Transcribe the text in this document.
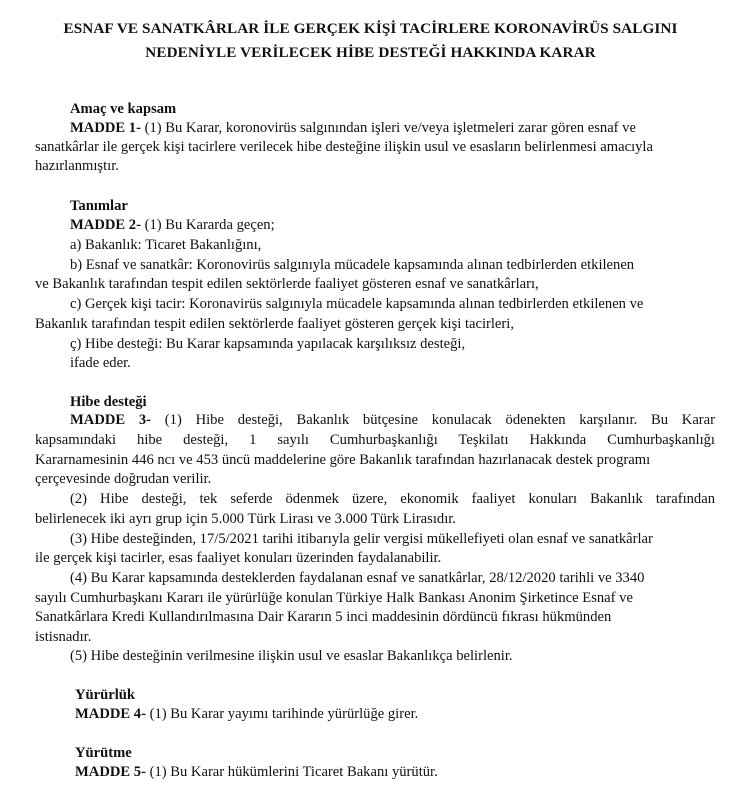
ESNAF VE SANATKÂRLAR İLE GERÇEK KİŞİ TACİRLERE KORONAVİRÜS SALGINI
NEDENİYLE VERİLECEK HİBE DESTEĞİ HAKKINDA KARAR
Amaç ve kapsam
MADDE 1- (1) Bu Karar, koronovirüs salgınından işleri ve/veya işletmeleri zarar gören esnaf ve
sanatkârlar ile gerçek kişi tacirlere verilecek hibe desteğine ilişkin usul ve esasların belirlenmesi amacıyla
hazırlanmıştır.
Tanımlar
MADDE 2- (1) Bu Kararda geçen;
a) Bakanlık: Ticaret Bakanlığını,
b) Esnaf ve sanatkâr: Koronovirüs salgınıyla mücadele kapsamında alınan tedbirlerden etkilenen
ve Bakanlık tarafından tespit edilen sektörlerde faaliyet gösteren esnaf ve sanatkârları,
c) Gerçek kişi tacir: Koronavirüs salgınıyla mücadele kapsamında alınan tedbirlerden etkilenen ve
Bakanlık tarafından tespit edilen sektörlerde faaliyet gösteren gerçek kişi tacirleri,
ç) Hibe desteği: Bu Karar kapsamında yapılacak karşılıksız desteği,
ifade eder.
Hibe desteği
MADDE 3- (1) Hibe desteği, Bakanlık bütçesine konulacak ödenekten karşılanır. Bu Karar
kapsamındaki hibe desteği, 1 sayılı Cumhurbaşkanlığı Teşkilatı Hakkında Cumhurbaşkanlığı
Kararnamesinin 446 ncı ve 453 üncü maddelerine göre Bakanlık tarafından hazırlanacak destek programı
çerçevesinde doğrudan verilir.
(2) Hibe desteği, tek seferde ödenmek üzere, ekonomik faaliyet konuları Bakanlık tarafından
belirlenecek iki ayrı grup için 5.000 Türk Lirası ve 3.000 Türk Lirasıdır.
(3) Hibe desteğinden, 17/5/2021 tarihi itibarıyla gelir vergisi mükellefiyeti olan esnaf ve sanatkârlar
ile gerçek kişi tacirler, esas faaliyet konuları üzerinden faydalanabilir.
(4) Bu Karar kapsamında desteklerden faydalanan esnaf ve sanatkârlar, 28/12/2020 tarihli ve 3340
sayılı Cumhurbaşkanı Kararı ile yürürlüğe konulan Türkiye Halk Bankası Anonim Şirketince Esnaf ve
Sanatkârlara Kredi Kullandırılmasına Dair Kararın 5 inci maddesinin dördüncü fıkrası hükmünden
istisnadır.
(5) Hibe desteğinin verilmesine ilişkin usul ve esaslar Bakanlıkça belirlenir.
Yürürlük
MADDE 4- (1) Bu Karar yayımı tarihinde yürürlüğe girer.
Yürütme
MADDE 5- (1) Bu Karar hükümlerini Ticaret Bakanı yürütür.
